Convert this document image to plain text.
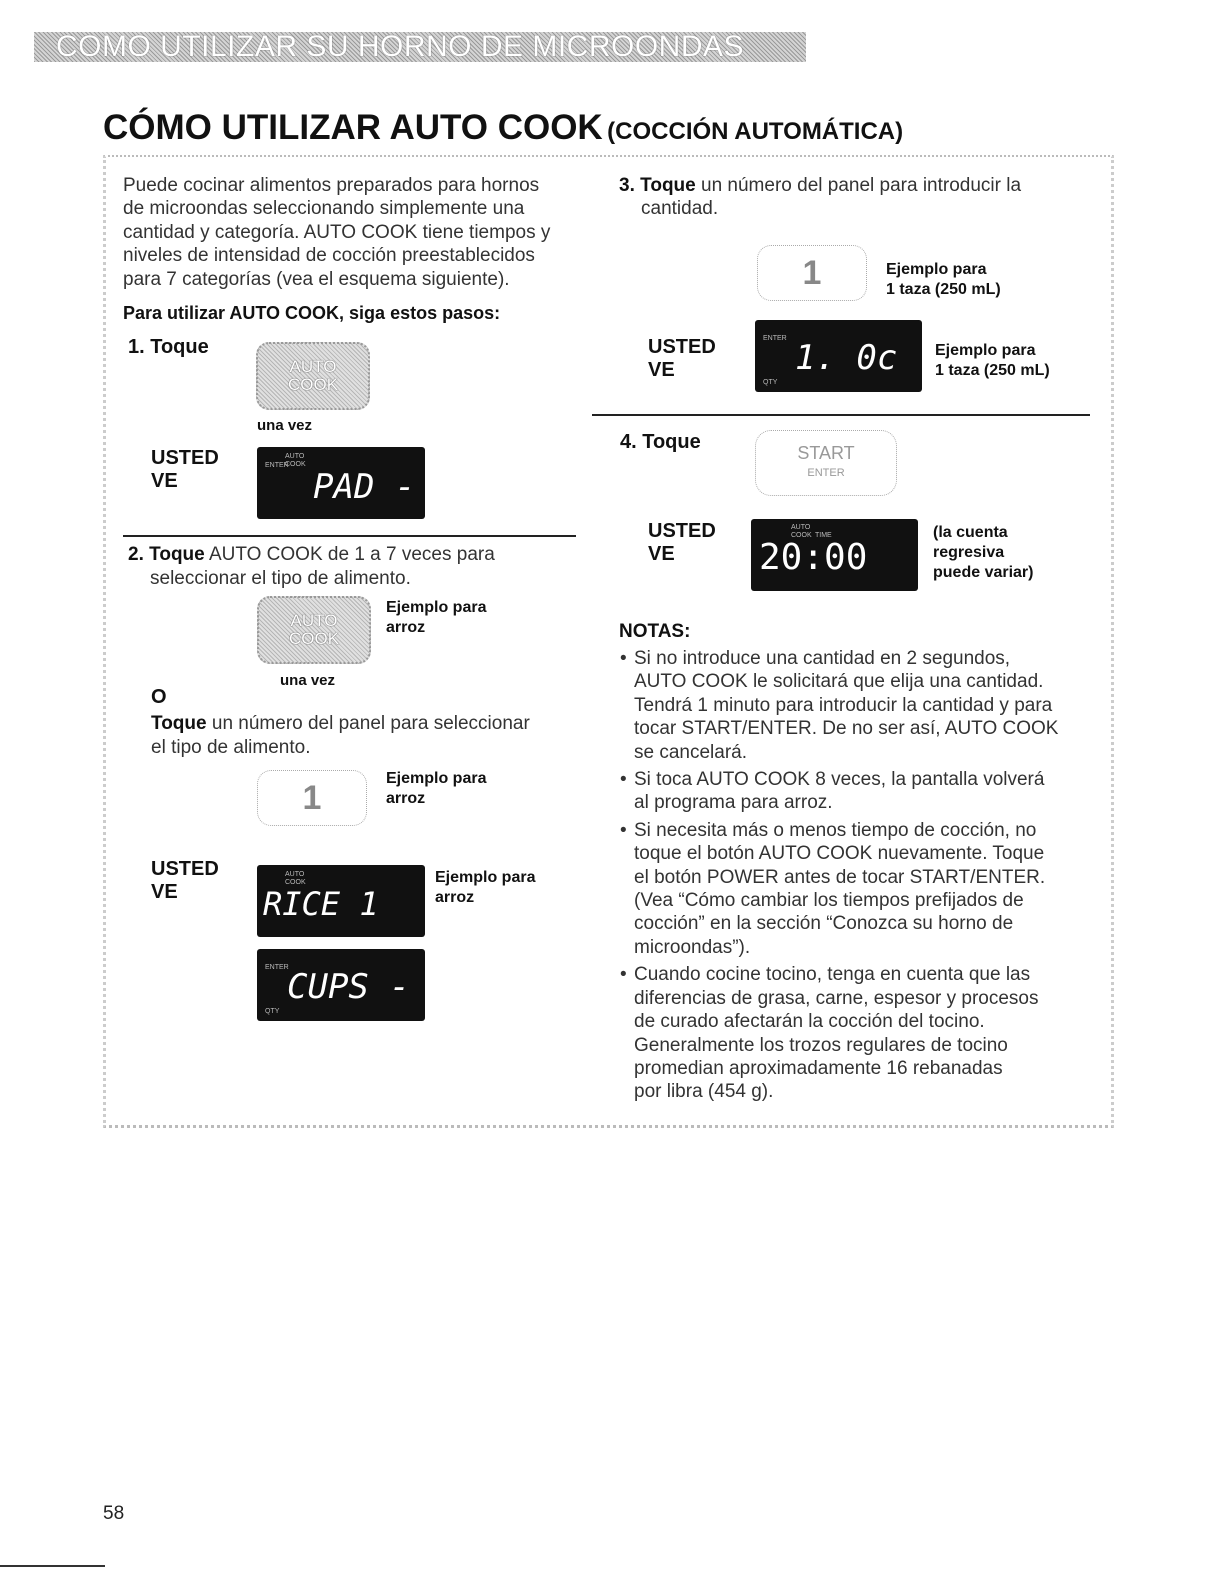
COMO UTILIZAR SU HORNO DE MICROONDAS
CÓMO UTILIZAR AUTO COOK (COCCIÓN AUTOMÁTICA)
Puede cocinar alimentos preparados para hornos
de microondas seleccionando simplemente una
cantidad y categoría. AUTO COOK tiene tiempos y
niveles de intensidad de cocción preestablecidos
para 7 categorías (vea el esquema siguiente).
Para utilizar AUTO COOK, siga estos pasos:
1. Toque
AUTO
COOK
una vez
USTED
VE
ENTER
AUTO
COOK
PAD -
2. Toque AUTO COOK de 1 a 7 veces para
seleccionar el tipo de alimento.
AUTO
COOK
Ejemplo para
arroz
una vez
O
Toque un número del panel para seleccionar
el tipo de alimento.
1	Ejemplo para
arroz
USTED
VE
AUTO
COOK
RICE 1
Ejemplo para
arroz
ENTER
QTY
CUPS -
3. Toque un número del panel para introducir la
cantidad.
1	Ejemplo para
1 taza (250 mL)
USTED
VE
ENTER
QTY
1. 0c Ejemplo para
1 taza (250 mL)
4. Toque	START
ENTER
USTED
VE
AUTO
COOK TIME
20:00
(la cuenta
regresiva
puede variar)
NOTAS:
• Si no introduce una cantidad en 2 segundos,
AUTO COOK le solicitará que elija una cantidad.
Tendrá 1 minuto para introducir la cantidad y para
tocar START/ENTER. De no ser así, AUTO COOK
se cancelará.
• Si toca AUTO COOK 8 veces, la pantalla volverá
al programa para arroz.
• Si necesita más o menos tiempo de cocción, no
toque el botón AUTO COOK nuevamente. Toque
el botón POWER antes de tocar START/ENTER.
(Vea “Cómo cambiar los tiempos prefijados de
cocción” en la sección “Conozca su horno de
microondas”).
• Cuando cocine tocino, tenga en cuenta que las
diferencias de grasa, carne, espesor y procesos
de curado afectarán la cocción del tocino.
Generalmente los trozos regulares de tocino
promedian aproximadamente 16 rebanadas
por libra (454 g).
58
